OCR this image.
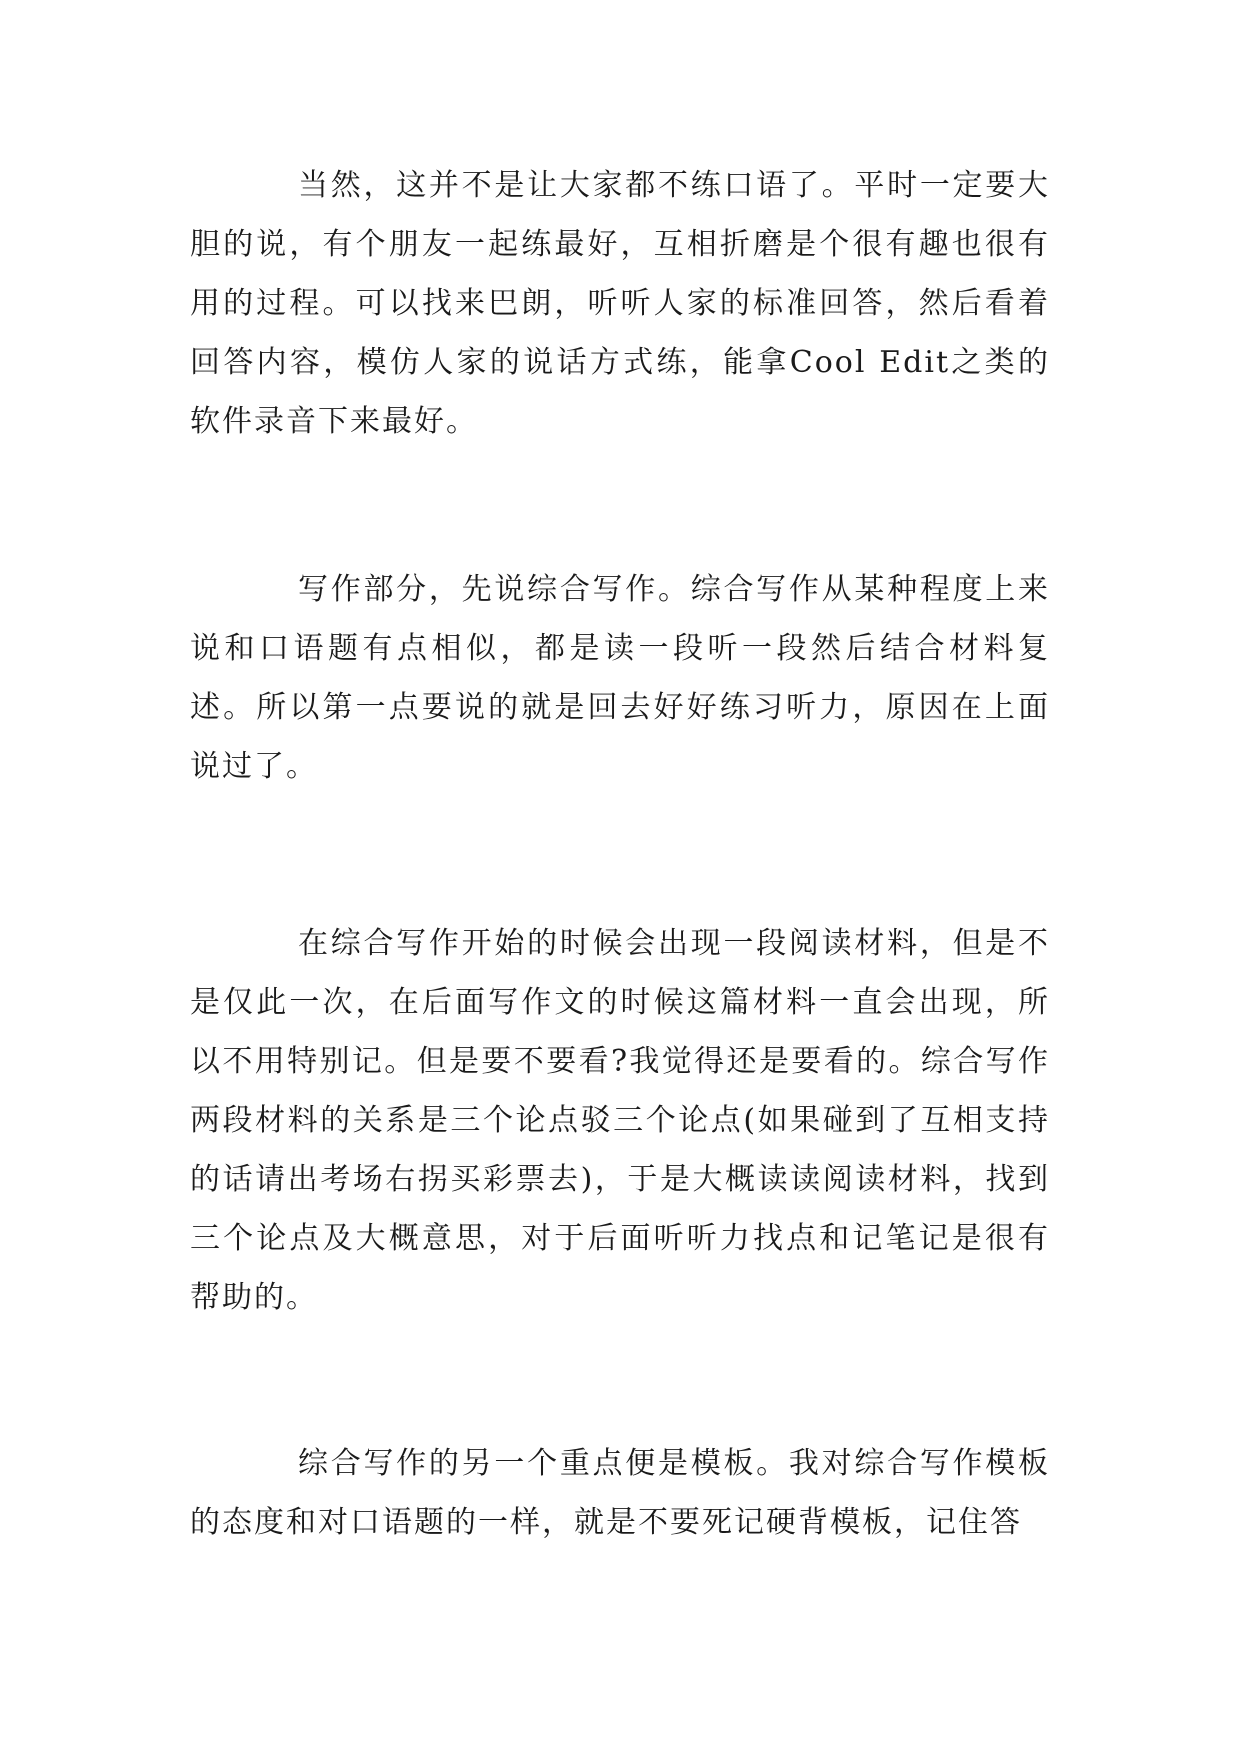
当然，这并不是让大家都不练口语了。平时一定要大胆的说，有个朋友一起练最好，互相折磨是个很有趣也很有用的过程。可以找来巴朗，听听人家的标准回答，然后看着回答内容，模仿人家的说话方式练，能拿Cool Edit之类的软件录音下来最好。

写作部分，先说综合写作。综合写作从某种程度上来说和口语题有点相似，都是读一段听一段然后结合材料复述。所以第一点要说的就是回去好好练习听力，原因在上面说过了。

在综合写作开始的时候会出现一段阅读材料，但是不是仅此一次，在后面写作文的时候这篇材料一直会出现，所以不用特别记。但是要不要看?我觉得还是要看的。综合写作两段材料的关系是三个论点驳三个论点(如果碰到了互相支持的话请出考场右拐买彩票去)，于是大概读读阅读材料，找到三个论点及大概意思，对于后面听听力找点和记笔记是很有帮助的。

综合写作的另一个重点便是模板。我对综合写作模板的态度和对口语题的一样，就是不要死记硬背模板，记住答
